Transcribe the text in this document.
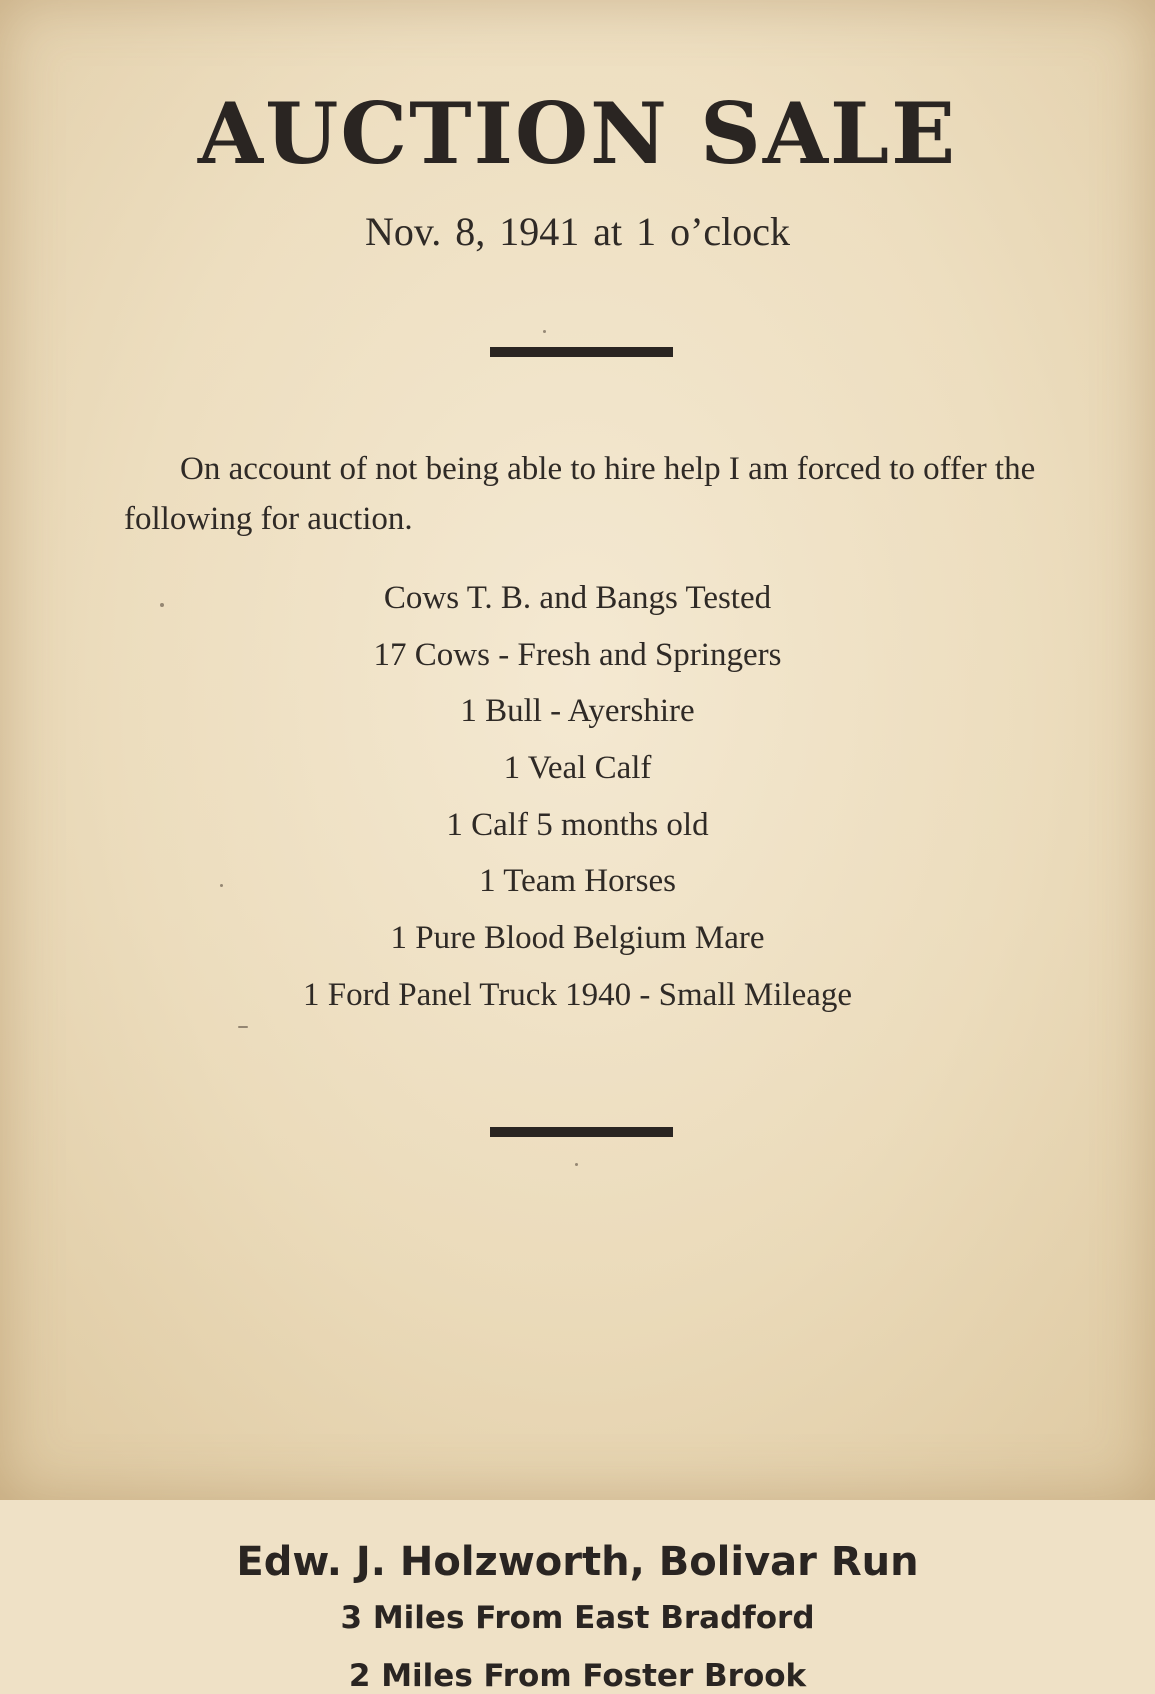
AUCTION SALE
Nov. 8, 1941 at 1 o’clock
On account of not being able to hire help I am forced to offer the following for auction.
Cows T. B. and Bangs Tested
17 Cows - Fresh and Springers
1 Bull - Ayershire
1 Veal Calf
1 Calf 5 months old
1 Team Horses
1 Pure Blood Belgium Mare
1 Ford Panel Truck 1940 - Small Mileage
Edw. J. Holzworth, Bolivar Run
3 Miles From East Bradford
2 Miles From Foster Brook
